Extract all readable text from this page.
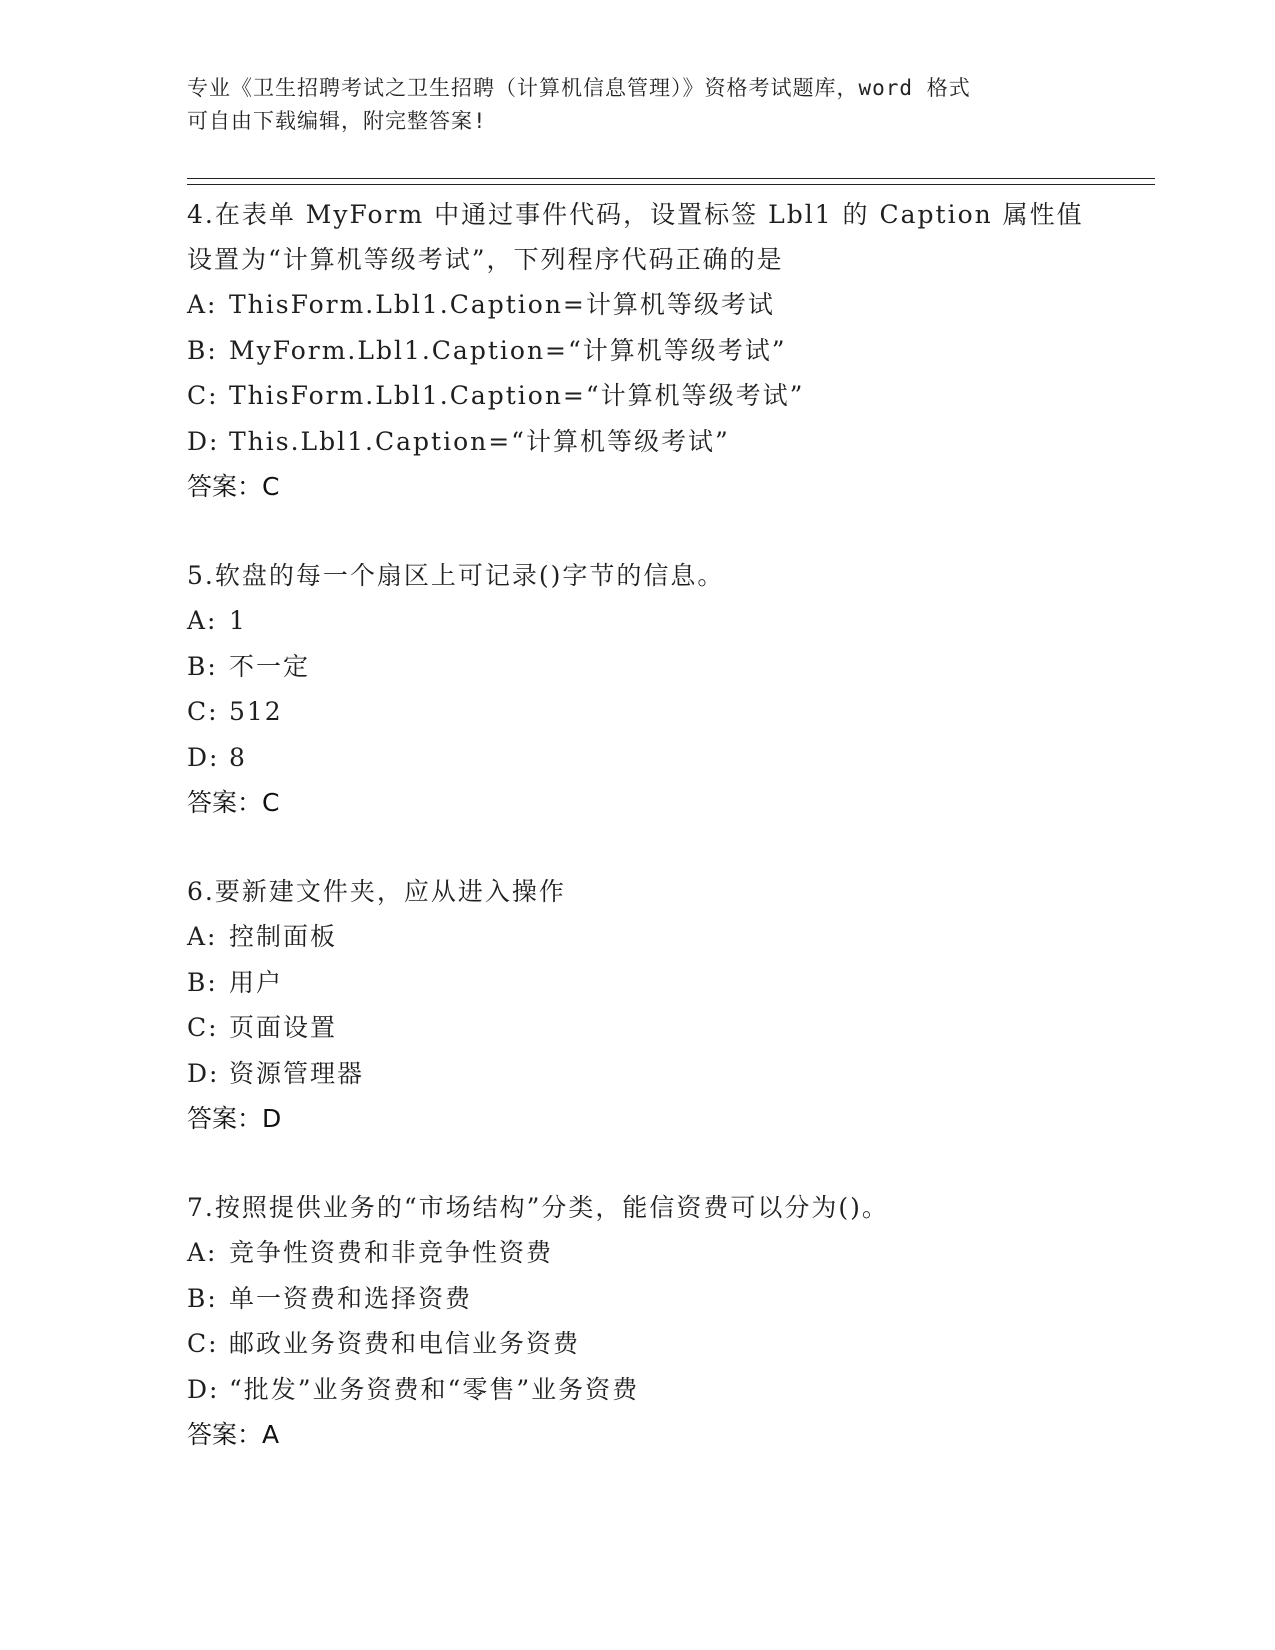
专业《卫生招聘考试之卫生招聘（计算机信息管理）》资格考试题库，word 格式

可自由下载编辑，附完整答案!

4.在表单 MyForm 中通过事件代码，设置标签 Lbl1 的 Caption 属性值设置为“计算机等级考试”，下列程序代码正确的是

A: ThisForm.Lbl1.Caption=计算机等级考试

B: MyForm.Lbl1.Caption=“计算机等级考试”

C: ThisForm.Lbl1.Caption=“计算机等级考试”

D: This.Lbl1.Caption=“计算机等级考试”

答案：C

5.软盘的每一个扇区上可记录()字节的信息。

A: 1

B: 不一定

C: 512

D: 8

答案：C

6.要新建文件夹，应从进入操作

A: 控制面板

B: 用户

C: 页面设置

D: 资源管理器

答案：D

7.按照提供业务的“市场结构”分类，能信资费可以分为()。

A: 竞争性资费和非竞争性资费

B: 单一资费和选择资费

C: 邮政业务资费和电信业务资费

D: “批发”业务资费和“零售”业务资费

答案：A
